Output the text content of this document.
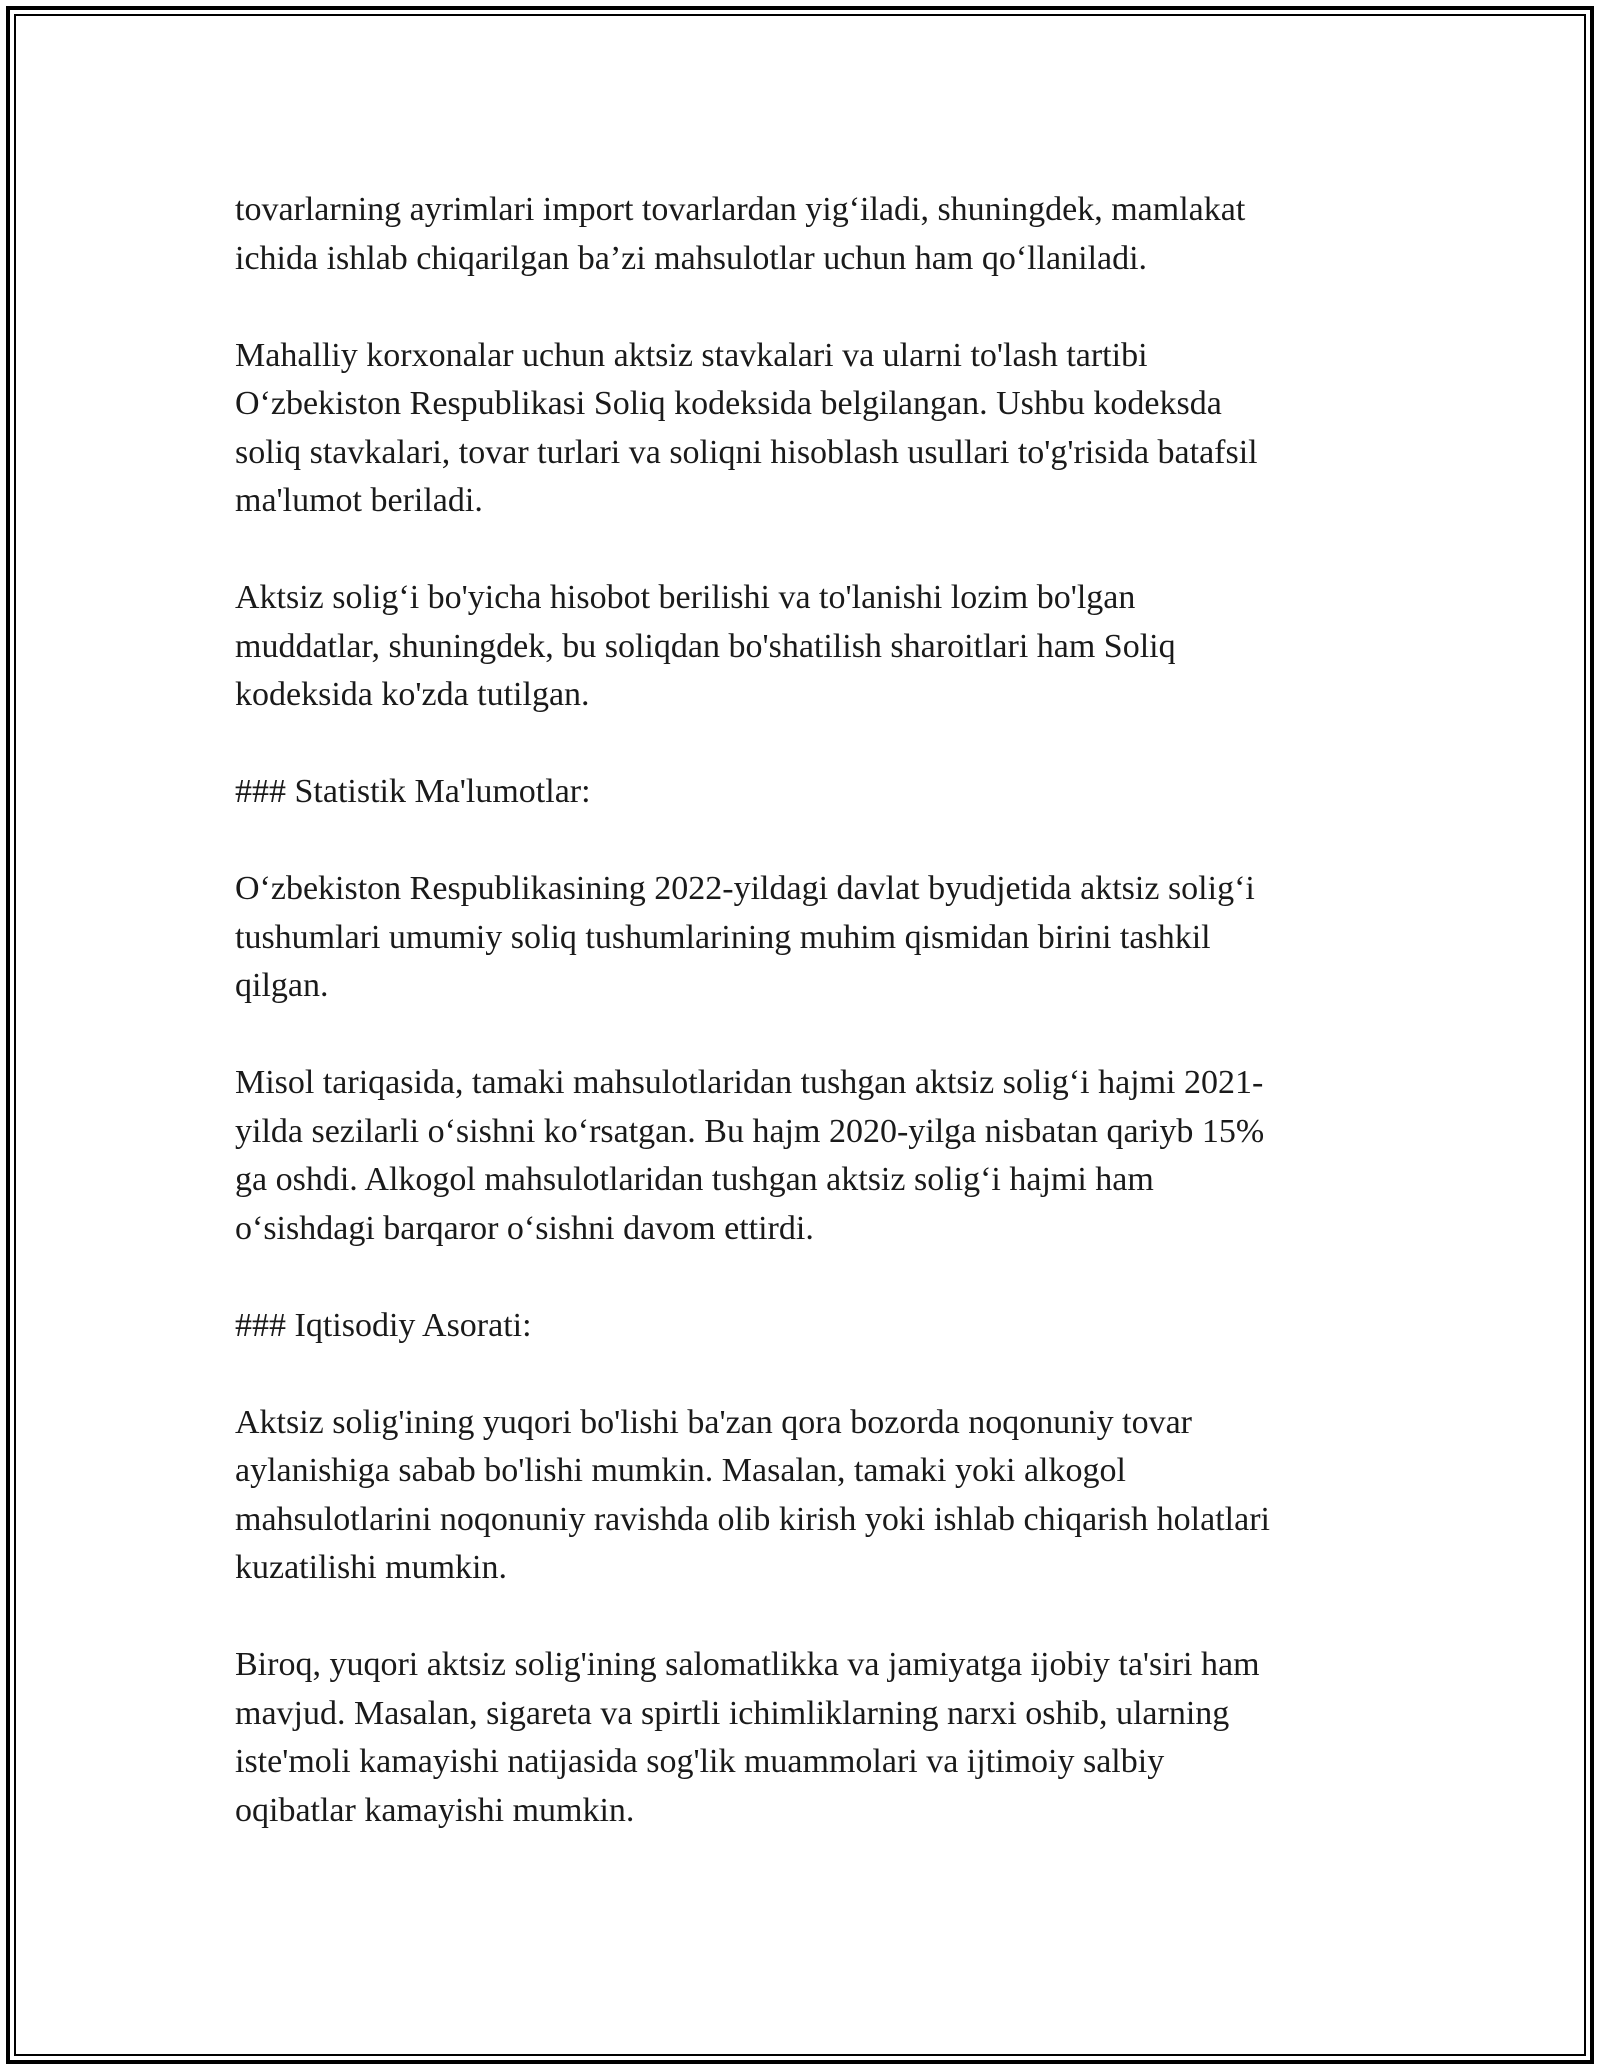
tovarlarning ayrimlari import tovarlardan yig‘iladi, shuningdek, mamlakat
ichida ishlab chiqarilgan ba’zi mahsulotlar uchun ham qo‘llaniladi.

Mahalliy korxonalar uchun aktsiz stavkalari va ularni to'lash tartibi
O‘zbekiston Respublikasi Soliq kodeksida belgilangan. Ushbu kodeksda
soliq stavkalari, tovar turlari va soliqni hisoblash usullari to'g'risida batafsil
ma'lumot beriladi.

Aktsiz solig‘i bo'yicha hisobot berilishi va to'lanishi lozim bo'lgan
muddatlar, shuningdek, bu soliqdan bo'shatilish sharoitlari ham Soliq
kodeksida ko'zda tutilgan.

### Statistik Ma'lumotlar:

O‘zbekiston Respublikasining 2022-yildagi davlat byudjetida aktsiz solig‘i
tushumlari umumiy soliq tushumlarining muhim qismidan birini tashkil
qilgan.

Misol tariqasida, tamaki mahsulotlaridan tushgan aktsiz solig‘i hajmi 2021-
yilda sezilarli o‘sishni ko‘rsatgan. Bu hajm 2020-yilga nisbatan qariyb 15%
ga oshdi. Alkogol mahsulotlaridan tushgan aktsiz solig‘i hajmi ham
o‘sishdagi barqaror o‘sishni davom ettirdi.

### Iqtisodiy Asorati:

Aktsiz solig'ining yuqori bo'lishi ba'zan qora bozorda noqonuniy tovar
aylanishiga sabab bo'lishi mumkin. Masalan, tamaki yoki alkogol
mahsulotlarini noqonuniy ravishda olib kirish yoki ishlab chiqarish holatlari
kuzatilishi mumkin.

Biroq, yuqori aktsiz solig'ining salomatlikka va jamiyatga ijobiy ta'siri ham
mavjud. Masalan, sigareta va spirtli ichimliklarning narxi oshib, ularning
iste'moli kamayishi natijasida sog'lik muammolari va ijtimoiy salbiy
oqibatlar kamayishi mumkin.
